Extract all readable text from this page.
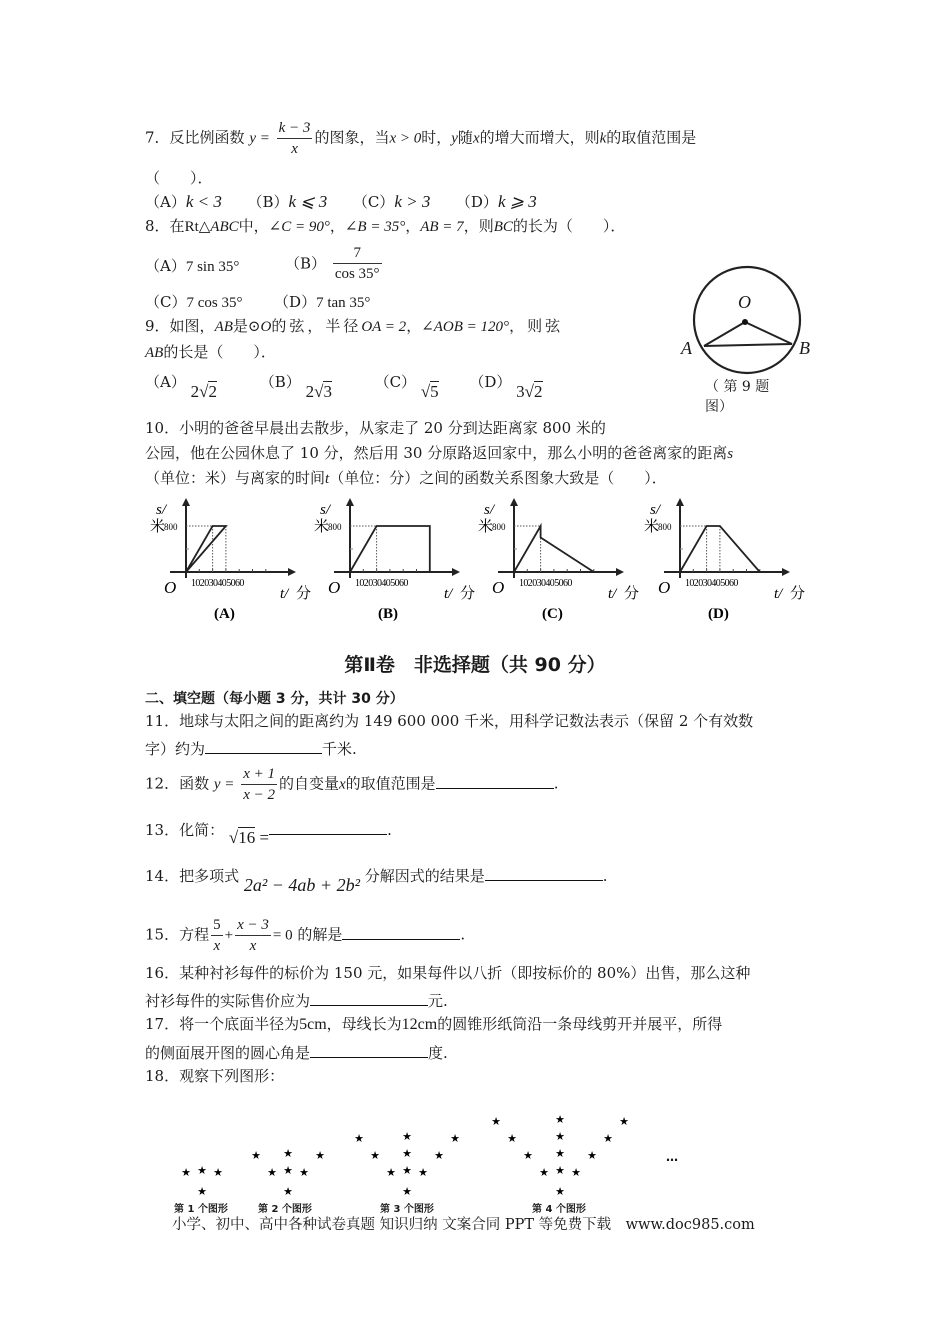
7．反比例函数 $y = \frac{k - 3}{x}$ 的图象，当x > 0时，y随x的增大而增大，则k的取值范围是
（　　）．
（A）k < 3 （B）k ⩽ 3 （C）k > 3 （D）k ⩾ 3
8．在Rt△ABC中，∠C = 90°，∠B = 35°，AB = 7，则BC的长为（　　）．
（A）7 sin 35°	$(B) \frac{7}{\cos 35^\circ}$
（C）7 cos 35° （D）7 tan 35°
9．如图，AB是⊙O的弦，半径OA = 2，∠AOB = 120°，则弦
AB的长是（　　）．
（A） 2√2	（B） 2√3	（C） √5 （D） 3√2
O
A	B
（ 第 9 题
图）
10．小明的爸爸早晨出去散步，从家走了 20 分到达距离家 800 米的
公园，他在公园休息了 10 分，然后用 30 分原路返回家中，那么小明的爸爸离家的距离s
（单位：米）与离家的时间t（单位：分）之间的函数关系图象大致是（　　）．
102030405060
800
米
s/
O	t/ 分
(A)
102030405060
800
米
s/
O	t/ 分
(B)
102030405060
800
米
s/
O	t/ 分
(C)
102030405060
800
米
s/
O	t/ 分
(D)
第Ⅱ卷　非选择题（共 90 分）
二、填空题（每小题 3 分，共计 30 分）
11．地球与太阳之间的距离约为 149 600 000 千米，用科学记数法表示（保留 2 个有效数
字）约为	千米.
12．函数 $y = \frac{x + 1}{x - 2}$ 的自变量x的取值范围是	.
13．化简： √16 =	.
14．把多项式 2a² − 4ab + 2b² 分解因式的结果是	.
15．方程 $\frac{5}{x} + \frac{x - 3}{x} = 0$ 的解是	.
16．某种衬衫每件的标价为 150 元，如果每件以八折（即按标价的 80%）出售，那么这种
衬衫每件的实际售价应为	元.
17．将一个底面半径为5cm，母线长为12cm的圆锥形纸筒沿一条母线剪开并展平，所得
的侧面展开图的圆心角是	度.
18．观察下列图形：
★
★
★ ★
★
★
★
★ ★
★	★
★
★
★
★
★ ★
★	★
★	★
★
★
★
★
★
★ ★
★	★
★	★
★	★
第 1 个图形	第 2 个图形	第 3 个图形	第 4 个图形
…
小学、初中、高中各种试卷真题 知识归纳 文案合同 PPT 等免费下载　www.doc985.com
